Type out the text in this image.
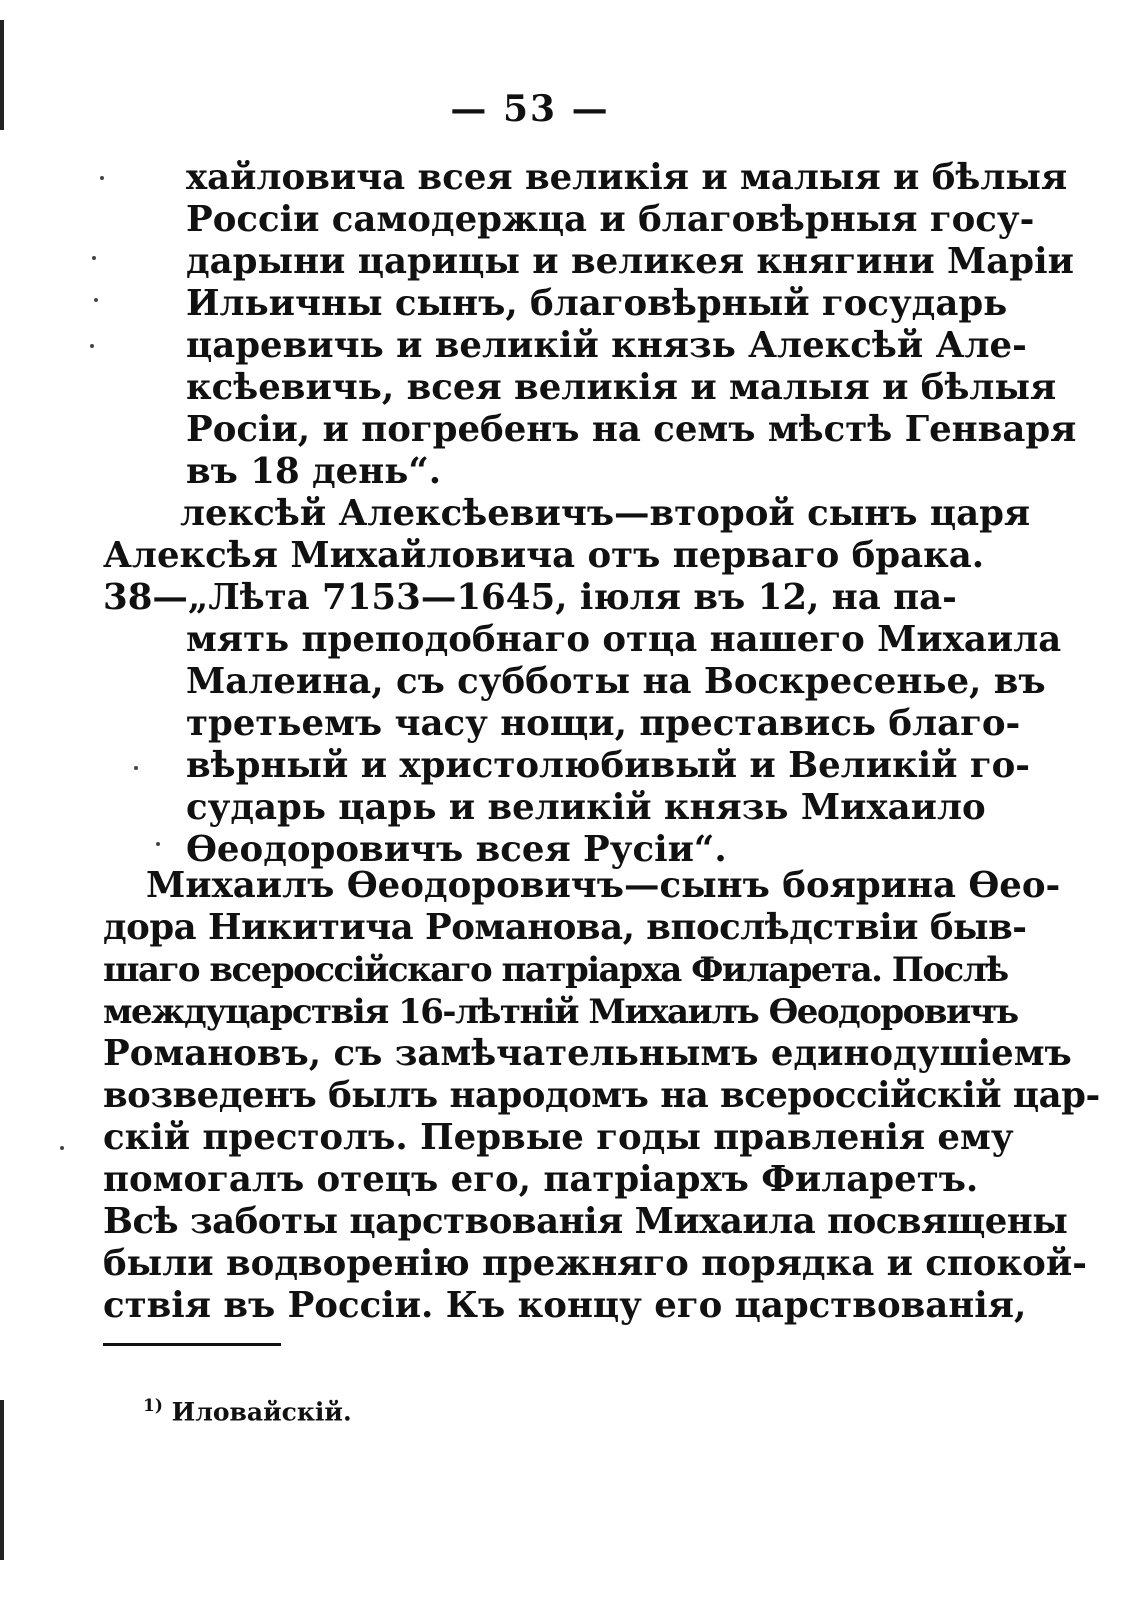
— 53 —
хайловича всея великія и малыя и бѣлыя
Россіи самодержца и благовѣрныя госу-
дарыни царицы и великея княгини Маріи
Ильичны сынъ, благовѣрный государь
царевичь и великій князь Алексѣй Але-
ксѣевичь, всея великія и малыя и бѣлыя
Росіи, и погребенъ на семъ мѣстѣ Генваря
въ 18 день“.
лексѣй Алексѣевичъ—второй сынъ царя
Алексѣя Михайловича отъ перваго брака.
38—„Лѣта 7153—1645, іюля въ 12, на па-
мять преподобнаго отца нашего Михаила
Малеина, съ субботы на Воскресенье, въ
третьемъ часу нощи, преставись благо-
вѣрный и христолюбивый и Великій го-
сударь царь и великій князь Михаило
Ѳеодоровичъ всея Русіи“.
Михаилъ Ѳеодоровичъ—сынъ боярина Ѳео-
дора Никитича Романова, впослѣдствіи быв-
шаго всероссійскаго патріарха Филарета. Послѣ
междуцарствія 16-лѣтній Михаилъ Ѳеодоровичъ
Романовъ, съ замѣчательнымъ единодушіемъ
возведенъ былъ народомъ на всероссійскій цар-
скій престолъ. Первые годы правленія ему
помогалъ отецъ его, патріархъ Филаретъ.
Всѣ заботы царствованія Михаила посвящены
были водворенію прежняго порядка и спокой-
ствія въ Россіи. Къ концу его царствованія,
$^{1)}$ Иловайскій.
